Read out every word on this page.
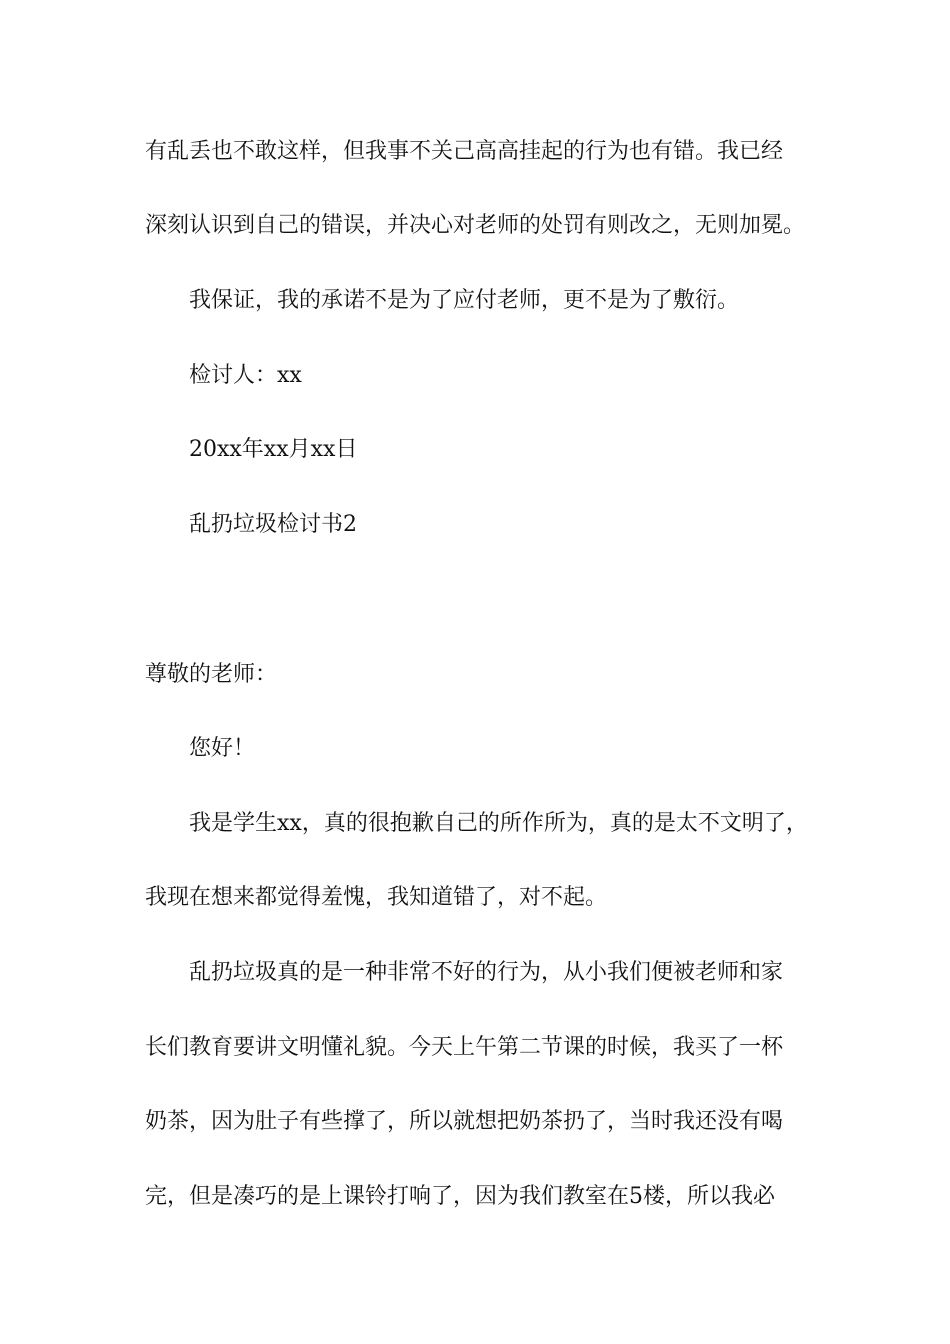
有乱丢也不敢这样，但我事不关己高高挂起的行为也有错。我已经
深刻认识到自己的错误，并决心对老师的处罚有则改之，无则加冕。
我保证，我的承诺不是为了应付老师，更不是为了敷衍。
检讨人：xx
20xx年xx月xx日
乱扔垃圾检讨书2
尊敬的老师：
您好！
我是学生xx，真的很抱歉自己的所作所为，真的是太不文明了，
我现在想来都觉得羞愧，我知道错了，对不起。
乱扔垃圾真的是一种非常不好的行为，从小我们便被老师和家
长们教育要讲文明懂礼貌。今天上午第二节课的时候，我买了一杯
奶茶，因为肚子有些撑了，所以就想把奶茶扔了，当时我还没有喝
完，但是凑巧的是上课铃打响了，因为我们教室在5楼，所以我必
